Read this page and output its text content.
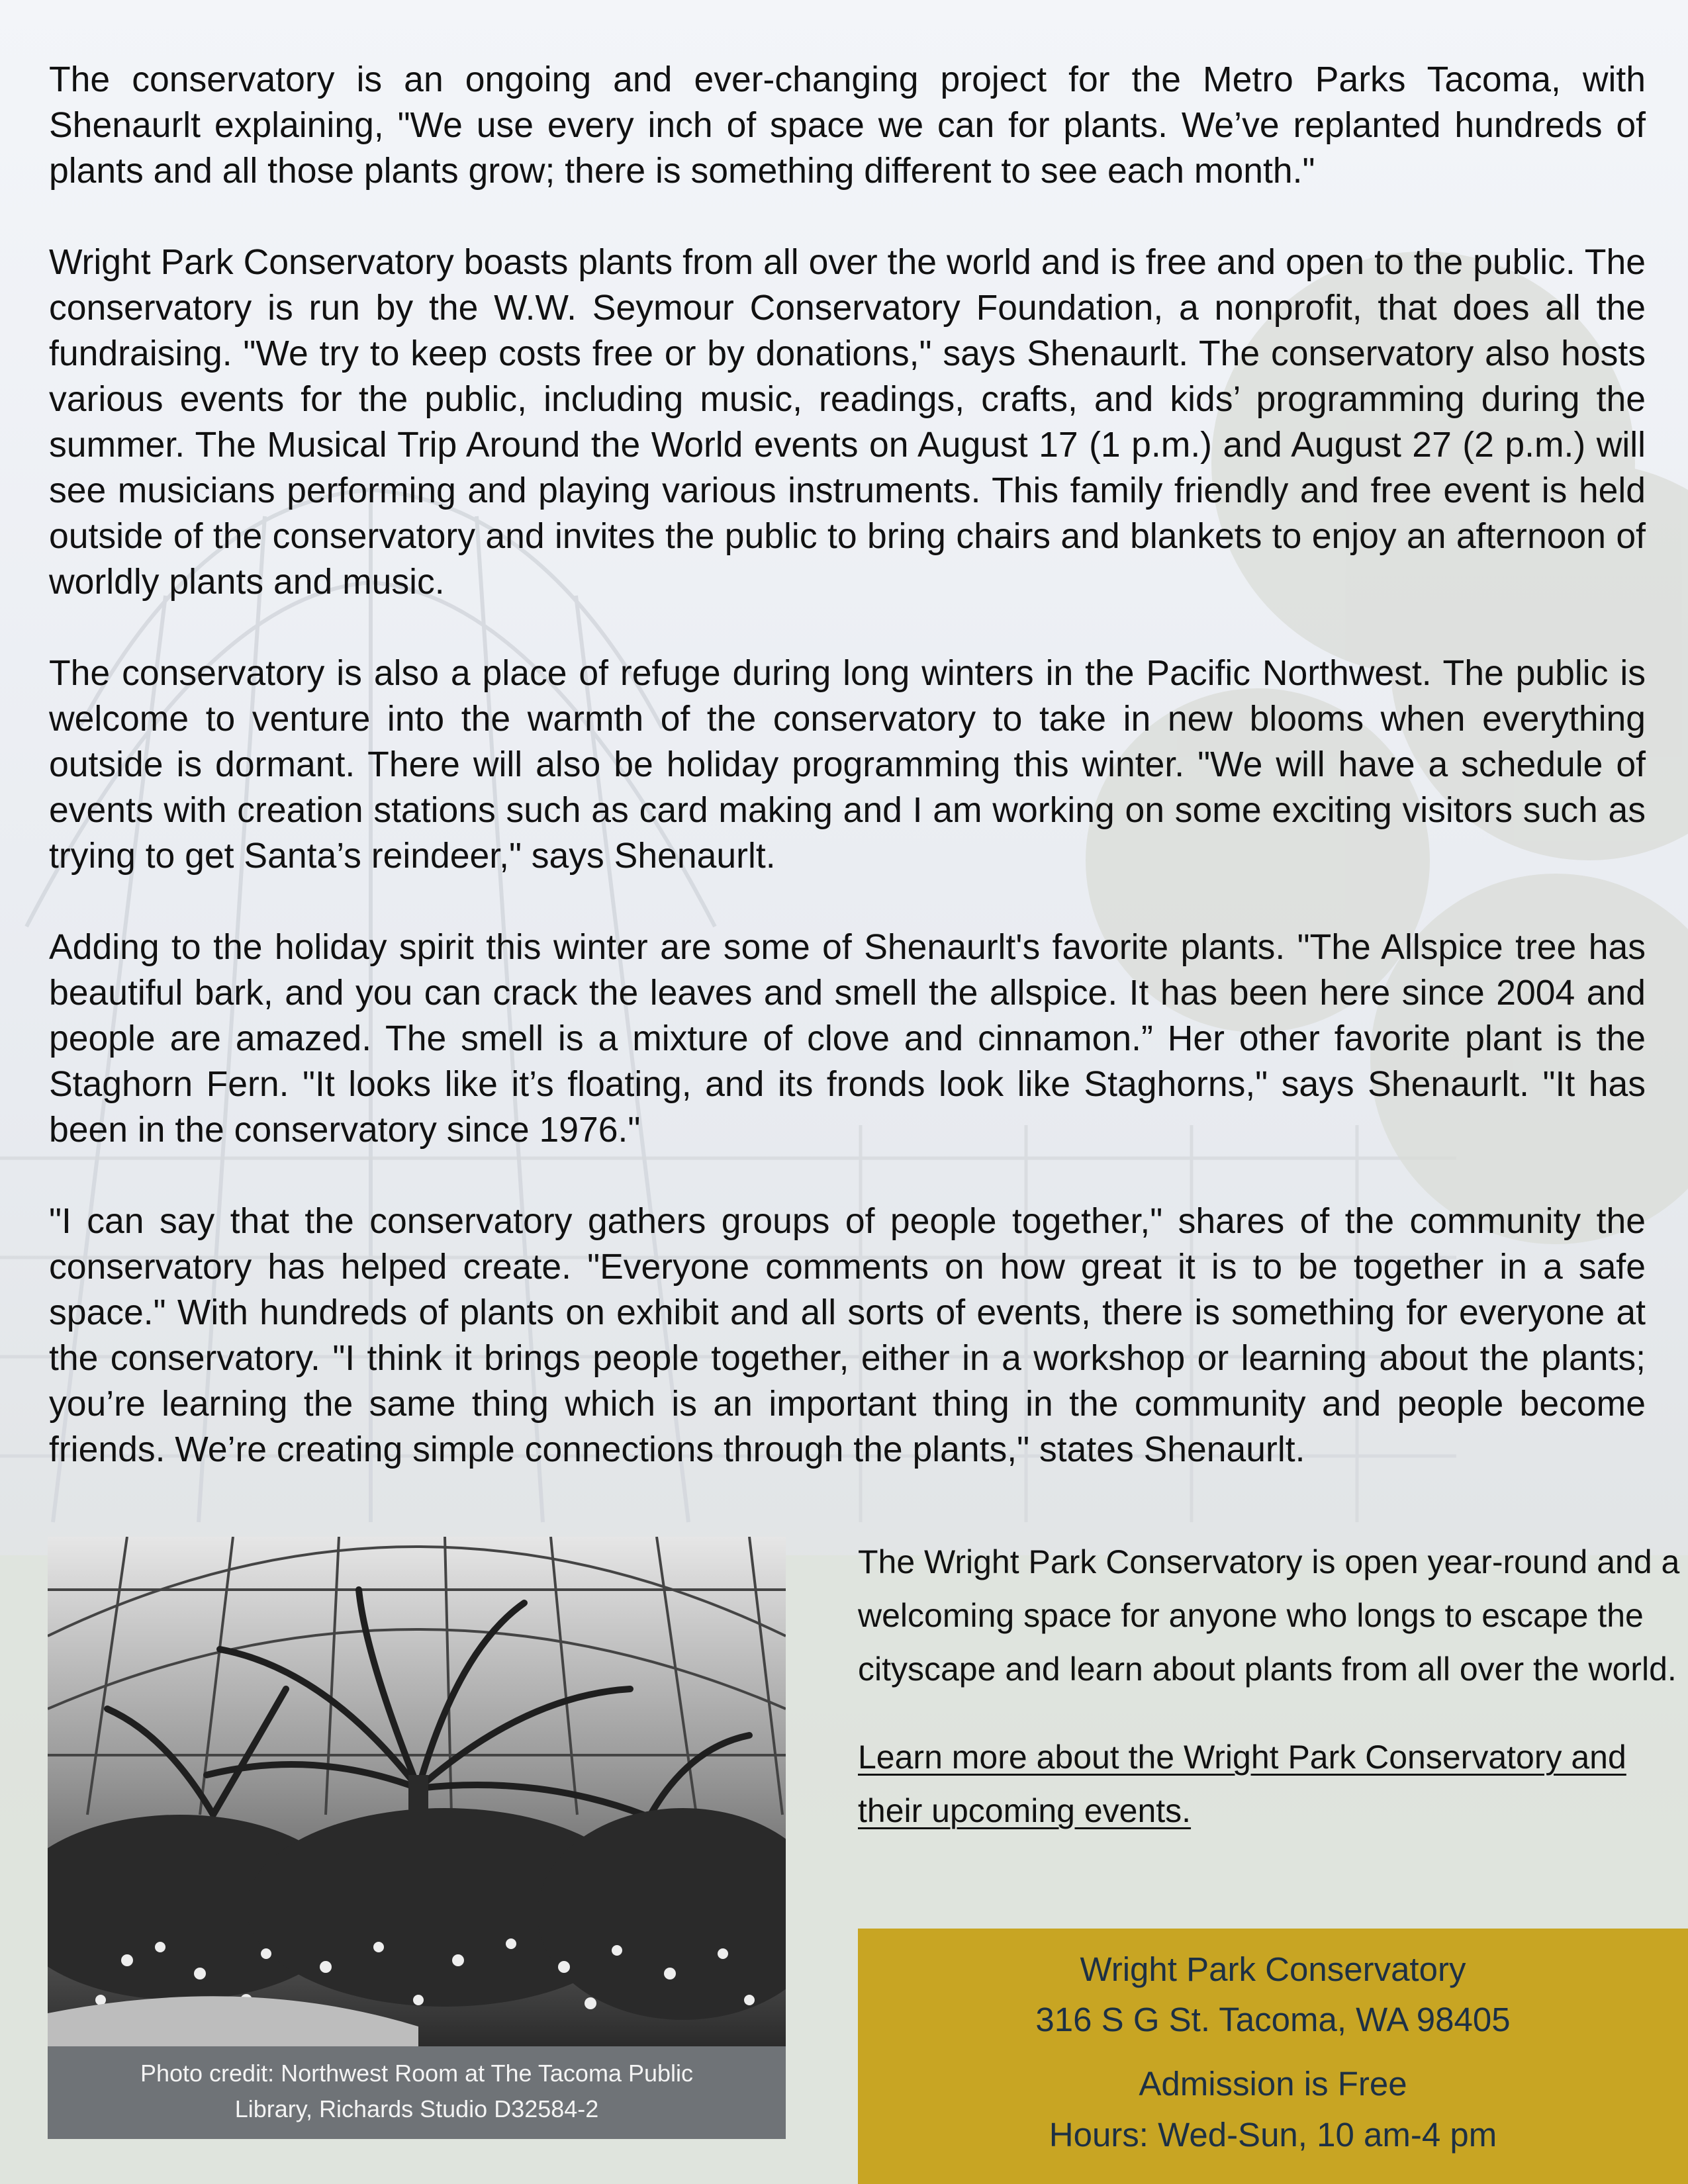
The conservatory is an ongoing and ever-changing project for the Metro Parks Tacoma, with Shenaurlt explaining, "We use every inch of space we can for plants. We’ve replanted hundreds of plants and all those plants grow; there is something different to see each month."

Wright Park Conservatory boasts plants from all over the world and is free and open to the public. The conservatory is run by the W.W. Seymour Conservatory Foundation, a nonprofit, that does all the fundraising. "We try to keep costs free or by donations," says Shenaurlt. The conservatory also hosts various events for the public, including music, readings, crafts, and kids’ programming during the summer. The Musical Trip Around the World events on August 17 (1 p.m.) and August 27 (2 p.m.) will see musicians performing and playing various instruments. This family friendly and free event is held outside of the conservatory and invites the public to bring chairs and blankets to enjoy an afternoon of worldly plants and music.

The conservatory is also a place of refuge during long winters in the Pacific Northwest. The public is welcome to venture into the warmth of the conservatory to take in new blooms when everything outside is dormant. There will also be holiday programming this winter. "We will have a schedule of events with creation stations such as card making and I am working on some exciting visitors such as trying to get Santa’s reindeer," says Shenaurlt.

Adding to the holiday spirit this winter are some of Shenaurlt's favorite plants. "The Allspice tree has beautiful bark, and you can crack the leaves and smell the allspice. It has been here since 2004 and people are amazed. The smell is a mixture of clove and cinnamon.” Her other favorite plant is the Staghorn Fern. "It looks like it’s floating, and its fronds look like Staghorns," says Shenaurlt. "It has been in the conservatory since 1976."

"I can say that the conservatory gathers groups of people together," shares of the community the conservatory has helped create. "Everyone comments on how great it is to be together in a safe space." With hundreds of plants on exhibit and all sorts of events, there is something for everyone at the conservatory. "I think it brings people together, either in a workshop or learning about the plants; you’re learning the same thing which is an important thing in the community and people become friends. We’re creating simple connections through the plants," states Shenaurlt.

Photo credit: Northwest Room at The Tacoma Public
Library, Richards Studio D32584-2

The Wright Park Conservatory is open year-round and a welcoming space for anyone who longs to escape the cityscape and learn about plants from all over the world.

Learn more about the Wright Park Conservatory and their upcoming events.
Wright Park Conservatory
316 S G St. Tacoma, WA 98405
Admission is Free
Hours: Wed-Sun, 10 am-4 pm
